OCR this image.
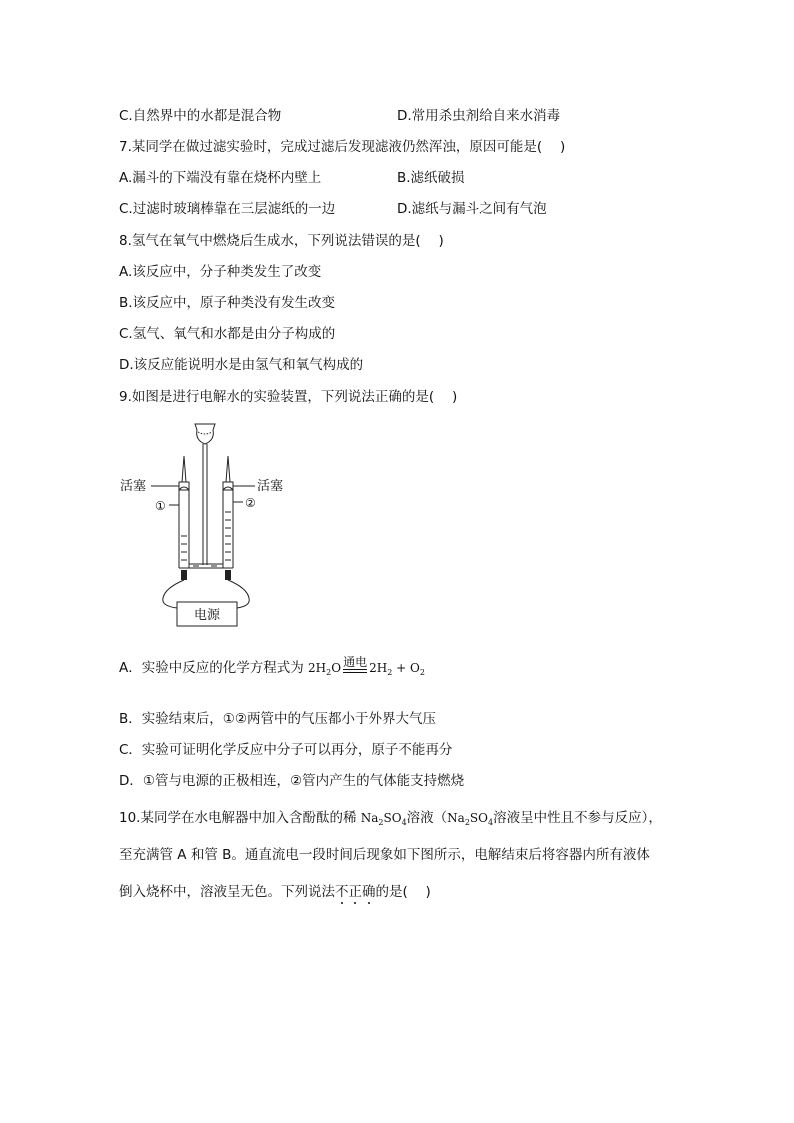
C.自然界中的水都是混合物	D.常用杀虫剂给自来水消毒
7.某同学在做过滤实验时，完成过滤后发现滤液仍然浑浊，原因可能是(　 )
A.漏斗的下端没有靠在烧杯内壁上	B.滤纸破损
C.过滤时玻璃棒靠在三层滤纸的一边	D.滤纸与漏斗之间有气泡
8.氢气在氧气中燃烧后生成水，下列说法错误的是(　 )
A.该反应中，分子种类发生了改变
B.该反应中，原子种类没有发生改变
C.氢气、氧气和水都是由分子构成的
D.该反应能说明水是由氢气和氧气构成的
9.如图是进行电解水的实验装置，下列说法正确的是(　 )
电源
活塞	活塞
①	②
A．实验中反应的化学方程式为 $2H_2O$ 通电 $2H_2 + O_2$
B．实验结束后，①②两管中的气压都小于外界大气压
C．实验可证明化学反应中分子可以再分，原子不能再分
D．①管与电源的正极相连，②管内产生的气体能支持燃烧
10.某同学在水电解器中加入含酚酞的稀 $Na_2SO_4$溶液（$Na_2SO_4$溶液呈中性且不参与反应），
至充满管 A 和管 B。通直流电一段时间后现象如下图所示，电解结束后将容器内所有液体
倒入烧杯中，溶液呈无色。下列说法不正确的是(　 )
